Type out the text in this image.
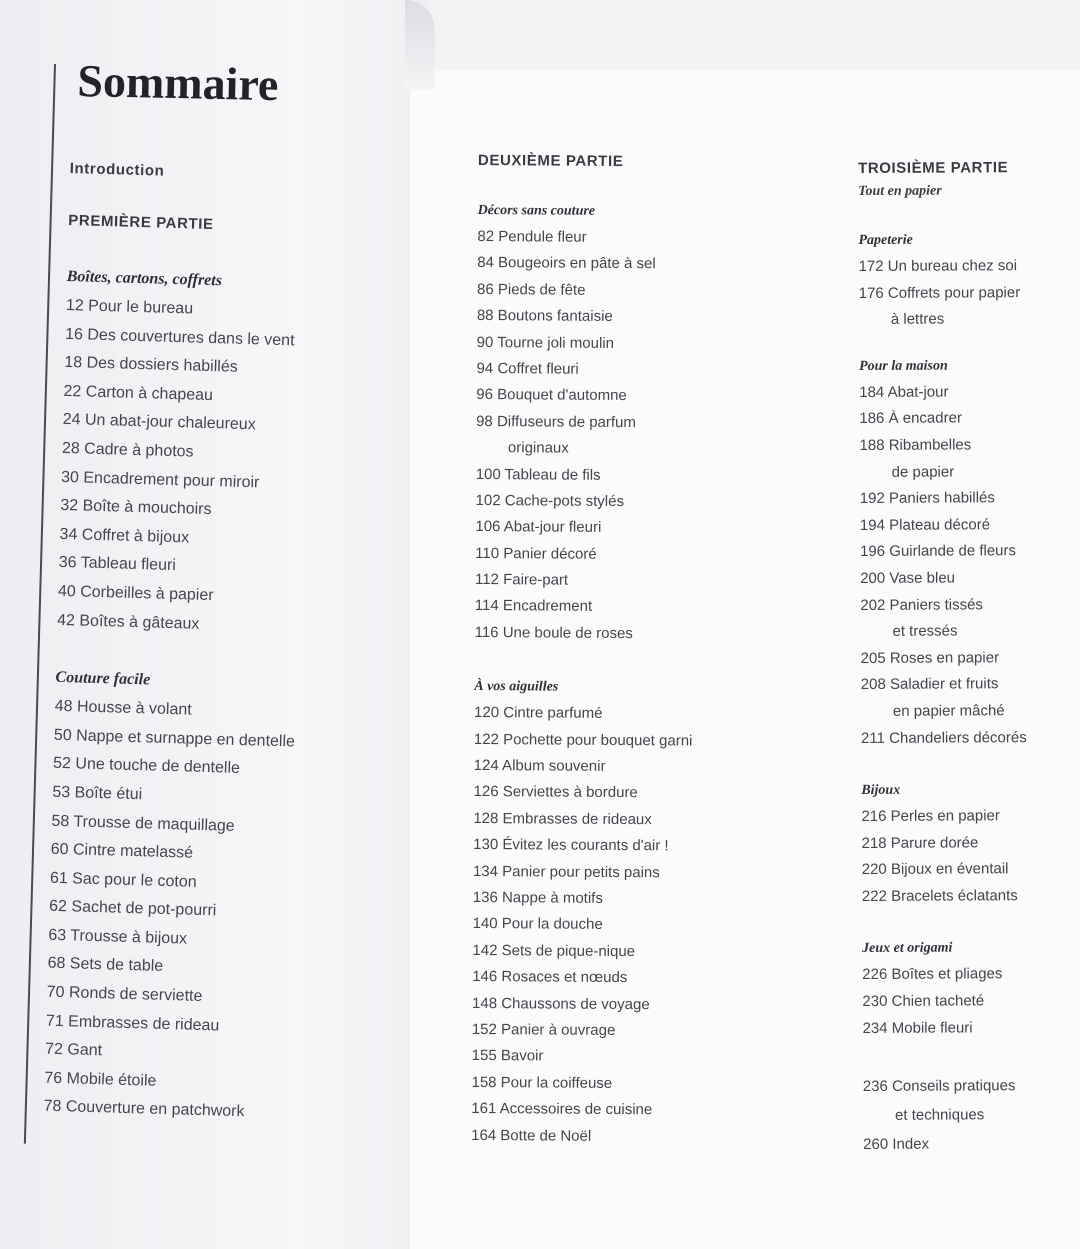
Sommaire
Introduction
PREMIÈRE PARTIE
Boîtes, cartons, coffrets
12 Pour le bureau
16 Des couvertures dans le vent
18 Des dossiers habillés
22 Carton à chapeau
24 Un abat-jour chaleureux
28 Cadre à photos
30 Encadrement pour miroir
32 Boîte à mouchoirs
34 Coffret à bijoux
36 Tableau fleuri
40 Corbeilles à papier
42 Boîtes à gâteaux
Couture facile
48 Housse à volant
50 Nappe et surnappe en dentelle
52 Une touche de dentelle
53 Boîte étui
58 Trousse de maquillage
60 Cintre matelassé
61 Sac pour le coton
62 Sachet de pot-pourri
63 Trousse à bijoux
68 Sets de table
70 Ronds de serviette
71 Embrasses de rideau
72 Gant
76 Mobile étoile
78 Couverture en patchwork
DEUXIÈME PARTIE
Décors sans couture
82 Pendule fleur
84 Bougeoirs en pâte à sel
86 Pieds de fête
88 Boutons fantaisie
90 Tourne joli moulin
94 Coffret fleuri
96 Bouquet d'automne
98 Diffuseurs de parfum
originaux
100 Tableau de fils
102 Cache-pots stylés
106 Abat-jour fleuri
110 Panier décoré
112 Faire-part
114 Encadrement
116 Une boule de roses
À vos aiguilles
120 Cintre parfumé
122 Pochette pour bouquet garni
124 Album souvenir
126 Serviettes à bordure
128 Embrasses de rideaux
130 Évitez les courants d'air !
134 Panier pour petits pains
136 Nappe à motifs
140 Pour la douche
142 Sets de pique-nique
146 Rosaces et nœuds
148 Chaussons de voyage
152 Panier à ouvrage
155 Bavoir
158 Pour la coiffeuse
161 Accessoires de cuisine
164 Botte de Noël
TROISIÈME PARTIE
Tout en papier
Papeterie
172 Un bureau chez soi
176 Coffrets pour papier
à lettres
Pour la maison
184 Abat-jour
186 À encadrer
188 Ribambelles
de papier
192 Paniers habillés
194 Plateau décoré
196 Guirlande de fleurs
200 Vase bleu
202 Paniers tissés
et tressés
205 Roses en papier
208 Saladier et fruits
en papier mâché
211 Chandeliers décorés
Bijoux
216 Perles en papier
218 Parure dorée
220 Bijoux en éventail
222 Bracelets éclatants
Jeux et origami
226 Boîtes et pliages
230 Chien tacheté
234 Mobile fleuri
236 Conseils pratiques
et techniques
260 Index
